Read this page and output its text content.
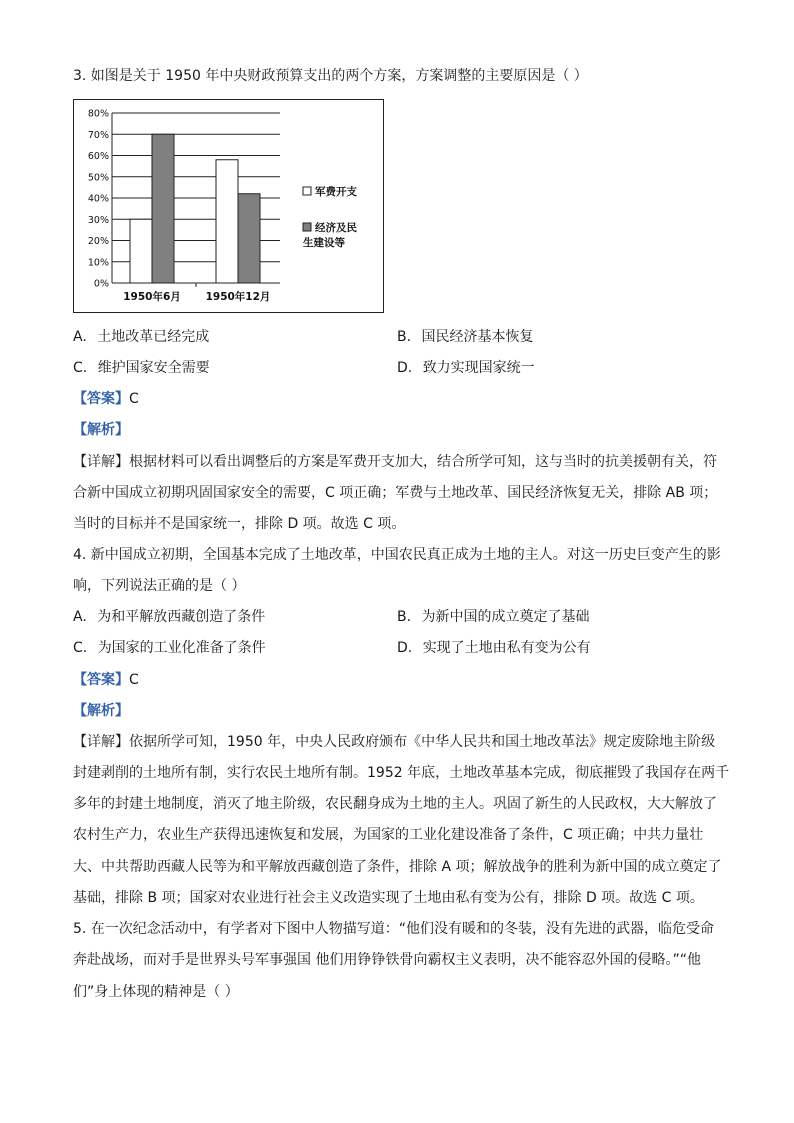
3. 如图是关于 1950 年中央财政预算支出的两个方案，方案调整的主要原因是（ ）
0%
10%
20%
30%
40%
50%
60%
70%
80%
1950年6月 1950年12月
军费开支
经济及民
生建设等
A. 土地改革已经完成	B. 国民经济基本恢复
C. 维护国家安全需要	D. 致力实现国家统一
【答案】C
【解析】
【详解】根据材料可以看出调整后的方案是军费开支加大，结合所学可知，这与当时的抗美援朝有关，符
合新中国成立初期巩固国家安全的需要，C 项正确；军费与土地改革、国民经济恢复无关，排除 AB 项；
当时的目标并不是国家统一，排除 D 项。故选 C 项。
4. 新中国成立初期，全国基本完成了土地改革，中国农民真正成为土地的主人。对这一历史巨变产生的影
响，下列说法正确的是（ ）
A. 为和平解放西藏创造了条件	B. 为新中国的成立奠定了基础
C. 为国家的工业化准备了条件	D. 实现了土地由私有变为公有
【答案】C
【解析】
【详解】依据所学可知，1950 年，中央人民政府颁布《中华人民共和国土地改革法》规定废除地主阶级
封建剥削的土地所有制，实行农民土地所有制。1952 年底，土地改革基本完成，彻底摧毁了我国存在两千
多年的封建土地制度，消灭了地主阶级，农民翻身成为土地的主人。巩固了新生的人民政权，大大解放了
农村生产力，农业生产获得迅速恢复和发展，为国家的工业化建设准备了条件，C 项正确；中共力量壮
大、中共帮助西藏人民等为和平解放西藏创造了条件，排除 A 项；解放战争的胜利为新中国的成立奠定了
基础，排除 B 项；国家对农业进行社会主义改造实现了土地由私有变为公有，排除 D 项。故选 C 项。
5. 在一次纪念活动中，有学者对下图中人物描写道：“他们没有暖和的冬装，没有先进的武器，临危受命
奔赴战场，而对手是世界头号军事强国 他们用铮铮铁骨向霸权主义表明，决不能容忍外国的侵略。”“他
们”身上体现的精神是（ ）
